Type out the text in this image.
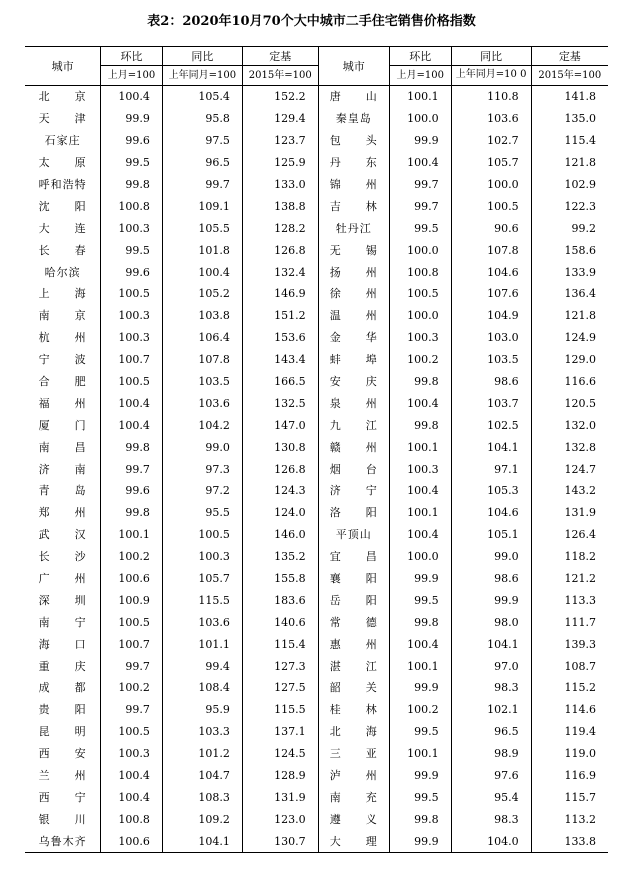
表2：2020年10月70个大中城市二手住宅销售价格指数
城市	环比	同比	定基	城市	环比	同比	定基
	上月=100	上年同月=100	2015年=100		上月=100	上年同月=10 0	2015年=100
北　　京	100.4	105.4	152.2	唐　　山	100.1	110.8	141.8
天　　津	99.9	95.8	129.4	秦皇岛	100.0	103.6	135.0
石家庄	99.6	97.5	123.7	包　　头	99.9	102.7	115.4
太　　原	99.5	96.5	125.9	丹　　东	100.4	105.7	121.8
呼和浩特	99.8	99.7	133.0	锦　　州	99.7	100.0	102.9
沈　　阳	100.8	109.1	138.8	吉　　林	99.7	100.5	122.3
大　　连	100.3	105.5	128.2	牡丹江	99.5	90.6	99.2
长　　春	99.5	101.8	126.8	无　　锡	100.0	107.8	158.6
哈尔滨	99.6	100.4	132.4	扬　　州	100.8	104.6	133.9
上　　海	100.5	105.2	146.9	徐　　州	100.5	107.6	136.4
南　　京	100.3	103.8	151.2	温　　州	100.0	104.9	121.8
杭　　州	100.3	106.4	153.6	金　　华	100.3	103.0	124.9
宁　　波	100.7	107.8	143.4	蚌　　埠	100.2	103.5	129.0
合　　肥	100.5	103.5	166.5	安　　庆	99.8	98.6	116.6
福　　州	100.4	103.6	132.5	泉　　州	100.4	103.7	120.5
厦　　门	100.4	104.2	147.0	九　　江	99.8	102.5	132.0
南　　昌	99.8	99.0	130.8	赣　　州	100.1	104.1	132.8
济　　南	99.7	97.3	126.8	烟　　台	100.3	97.1	124.7
青　　岛	99.6	97.2	124.3	济　　宁	100.4	105.3	143.2
郑　　州	99.8	95.5	124.0	洛　　阳	100.1	104.6	131.9
武　　汉	100.1	100.5	146.0	平顶山	100.4	105.1	126.4
长　　沙	100.2	100.3	135.2	宜　　昌	100.0	99.0	118.2
广　　州	100.6	105.7	155.8	襄　　阳	99.9	98.6	121.2
深　　圳	100.9	115.5	183.6	岳　　阳	99.5	99.9	113.3
南　　宁	100.5	103.6	140.6	常　　德	99.8	98.0	111.7
海　　口	100.7	101.1	115.4	惠　　州	100.4	104.1	139.3
重　　庆	99.7	99.4	127.3	湛　　江	100.1	97.0	108.7
成　　都	100.2	108.4	127.5	韶　　关	99.9	98.3	115.2
贵　　阳	99.7	95.9	115.5	桂　　林	100.2	102.1	114.6
昆　　明	100.5	103.3	137.1	北　　海	99.5	96.5	119.4
西　　安	100.3	101.2	124.5	三　　亚	100.1	98.9	119.0
兰　　州	100.4	104.7	128.9	泸　　州	99.9	97.6	116.9
西　　宁	100.4	108.3	131.9	南　　充	99.5	95.4	115.7
银　　川	100.8	109.2	123.0	遵　　义	99.8	98.3	113.2
乌鲁木齐	100.6	104.1	130.7	大　　理	99.9	104.0	133.8
